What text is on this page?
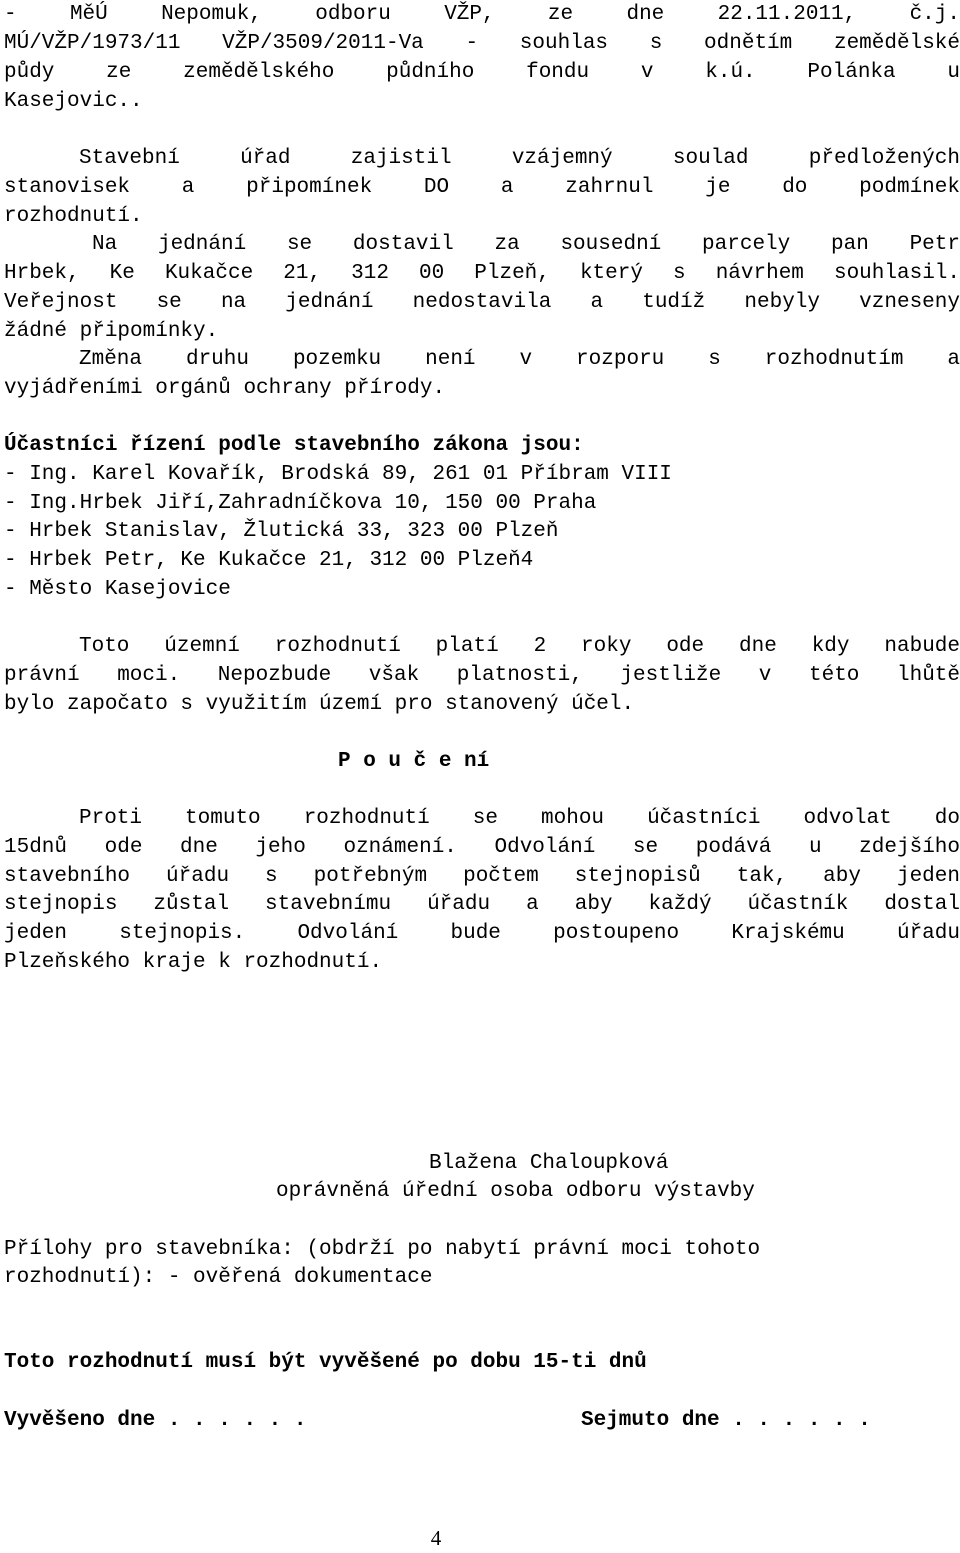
- MěÚ Nepomuk, odboru VŽP, ze dne 22.11.2011, č.j.
MÚ/VŽP/1973/11 VŽP/3509/2011-Va - souhlas s odnětím zemědělské
půdy ze zemědělského půdního fondu v k.ú. Polánka u
Kasejovic..
Stavební úřad zajistil vzájemný soulad předložených
stanovisek a připomínek DO a zahrnul je do podmínek
rozhodnutí.
Na jednání se dostavil za sousední parcely pan Petr
Hrbek, Ke Kukačce 21, 312 00 Plzeň, který s návrhem souhlasil.
Veřejnost se na jednání nedostavila a tudíž nebyly vzneseny
žádné připomínky.
Změna druhu pozemku není v rozporu s rozhodnutím a
vyjádřeními orgánů ochrany přírody.
Účastníci řízení podle stavebního zákona jsou:
- Ing. Karel Kovařík, Brodská 89, 261 01 Příbram VIII
- Ing.Hrbek Jiří,Zahradníčkova 10, 150 00 Praha
- Hrbek Stanislav, Žlutická 33, 323 00 Plzeň
- Hrbek Petr, Ke Kukačce 21, 312 00 Plzeň4
- Město Kasejovice
Toto územní rozhodnutí platí 2 roky ode dne kdy nabude
právní moci. Nepozbude však platnosti, jestliže v této lhůtě
bylo započato s využitím území pro stanovený účel.
P o u č e ní
Proti tomuto rozhodnutí se mohou účastníci odvolat do
15dnů ode dne jeho oznámení. Odvolání se podává u zdejšího
stavebního úřadu s potřebným počtem stejnopisů tak, aby jeden
stejnopis zůstal stavebnímu úřadu a aby každý účastník dostal
jeden stejnopis. Odvolání bude postoupeno Krajskému úřadu
Plzeňského kraje k rozhodnutí.
Blažena Chaloupková
oprávněná úřední osoba odboru výstavby
Přílohy pro stavebníka: (obdrží po nabytí právní moci tohoto
rozhodnutí): - ověřená dokumentace
Toto rozhodnutí musí být vyvěšené po dobu 15-ti dnů
Vyvěšeno dne . . . . . .	Sejmuto dne . . . . . .
4
